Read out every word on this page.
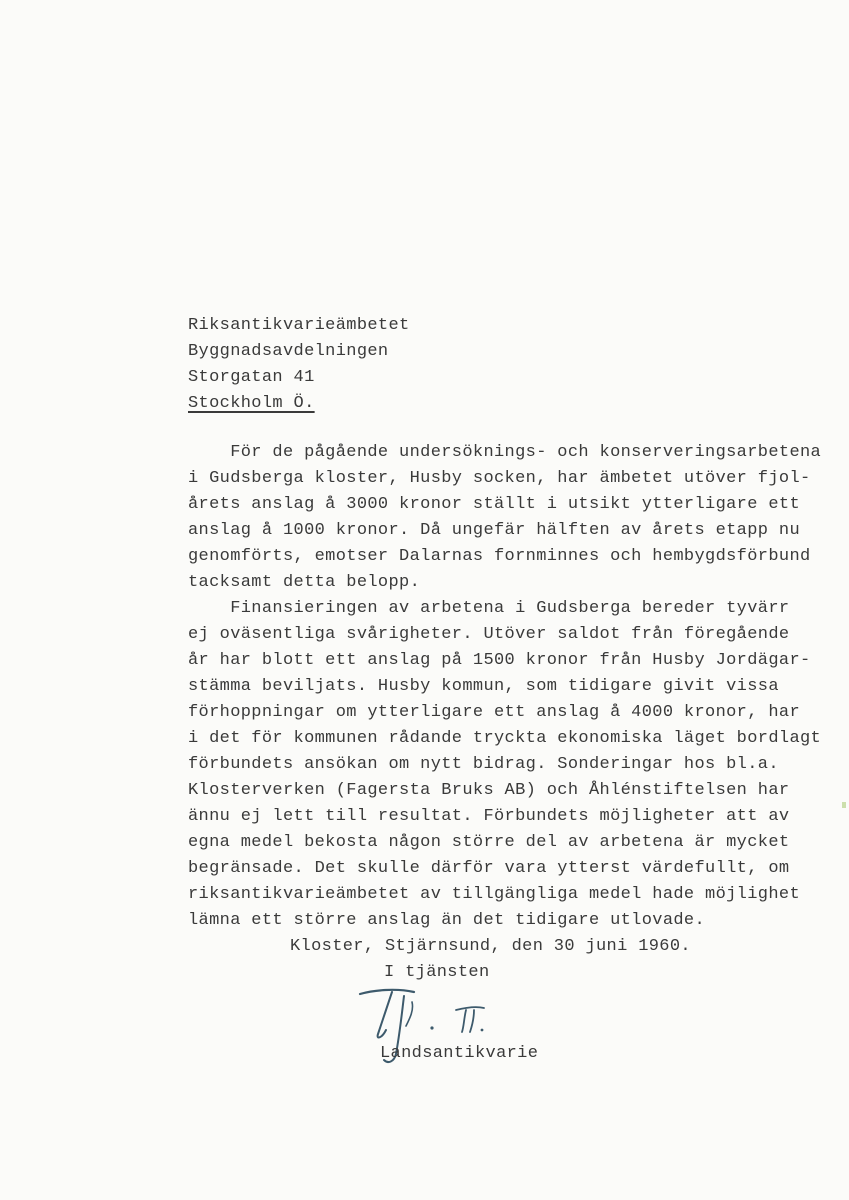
Riksantikvarieämbetet
Byggnadsavdelningen
Storgatan 41
Stockholm Ö.
För de pågående undersöknings- och konserveringsarbetena
i Gudsberga kloster, Husby socken, har ämbetet utöver fjol-
årets anslag å 3000 kronor ställt i utsikt ytterligare ett
anslag å 1000 kronor. Då ungefär hälften av årets etapp nu
genomförts, emotser Dalarnas fornminnes och hembygdsförbund
tacksamt detta belopp.
Finansieringen av arbetena i Gudsberga bereder tyvärr
ej oväsentliga svårigheter. Utöver saldot från föregående
år har blott ett anslag på 1500 kronor från Husby Jordägar-
stämma beviljats. Husby kommun, som tidigare givit vissa
förhoppningar om ytterligare ett anslag å 4000 kronor, har
i det för kommunen rådande tryckta ekonomiska läget bordlagt
förbundets ansökan om nytt bidrag. Sonderingar hos bl.a.
Klosterverken (Fagersta Bruks AB) och Åhlénstiftelsen har
ännu ej lett till resultat. Förbundets möjligheter att av
egna medel bekosta någon större del av arbetena är mycket
begränsade. Det skulle därför vara ytterst värdefullt, om
riksantikvarieämbetet av tillgängliga medel hade möjlighet
lämna ett större anslag än det tidigare utlovade.
Kloster, Stjärnsund, den 30 juni 1960.
I tjänsten
Landsantikvarie
